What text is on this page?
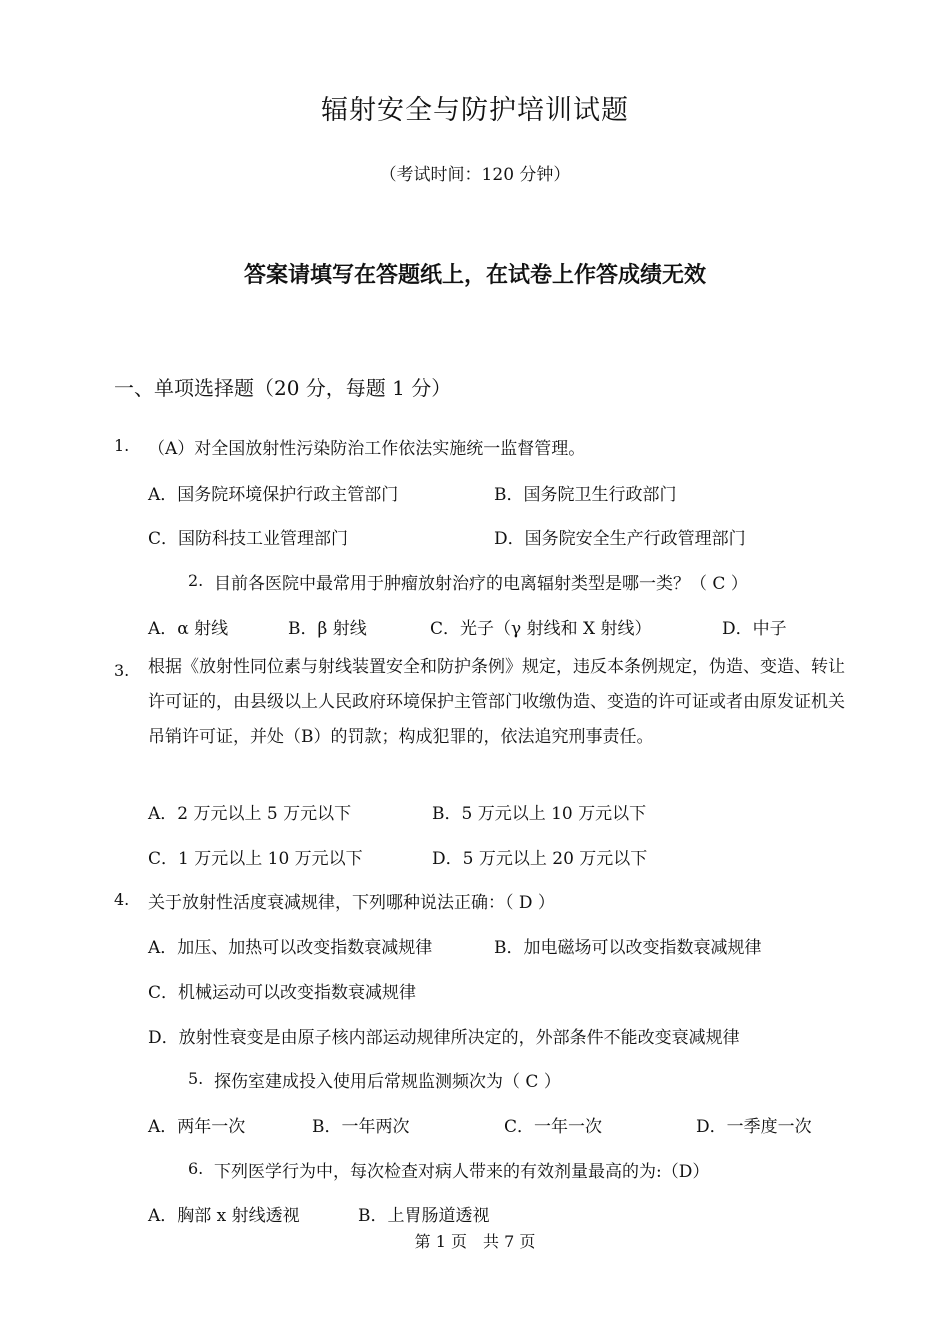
辐射安全与防护培训试题
（考试时间：120 分钟）
答案请填写在答题纸上，在试卷上作答成绩无效
一、单项选择题（20 分，每题 1 分）
1. （A）对全国放射性污染防治工作依法实施统一监督管理。
A．国务院环境保护行政主管部门	B．国务院卫生行政部门
C．国防科技工业管理部门	D．国务院安全生产行政管理部门
2. 目前各医院中最常用于肿瘤放射治疗的电离辐射类型是哪一类？（ C ）
A．α 射线	B．β 射线	C．光子（γ 射线和 X 射线）	D．中子
3. 根据《放射性同位素与射线装置安全和防护条例》规定，违反本条例规定，伪造、变造、转让许可证的，由县级以上人民政府环境保护主管部门收缴伪造、变造的许可证或者由原发证机关吊销许可证，并处（B）的罚款；构成犯罪的，依法追究刑事责任。
A．2 万元以上 5 万元以下	B．5 万元以上 10 万元以下
C．1 万元以上 10 万元以下	D．5 万元以上 20 万元以下
4. 关于放射性活度衰减规律，下列哪种说法正确：（ D ）
A．加压、加热可以改变指数衰减规律	B．加电磁场可以改变指数衰减规律
C．机械运动可以改变指数衰减规律
D．放射性衰变是由原子核内部运动规律所决定的，外部条件不能改变衰减规律
5. 探伤室建成投入使用后常规监测频次为（ C ）
A．两年一次	B．一年两次	C．一年一次	D．一季度一次
6. 下列医学行为中，每次检查对病人带来的有效剂量最高的为:（D）
A．胸部 x 射线透视	B．上胃肠道透视
第 1 页　共 7 页
